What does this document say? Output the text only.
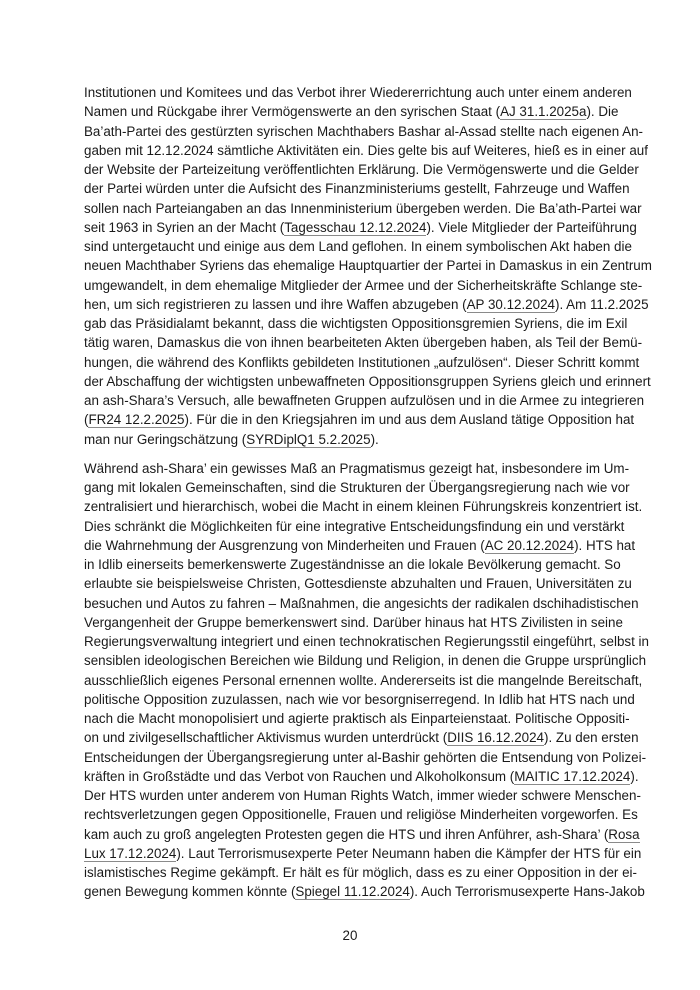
Institutionen und Komitees und das Verbot ihrer Wiedererrichtung auch unter einem anderen
Namen und Rückgabe ihrer Vermögenswerte an den syrischen Staat (AJ 31.1.2025a). Die
Ba’ath-Partei des gestürzten syrischen Machthabers Bashar al-Assad stellte nach eigenen An-
gaben mit 12.12.2024 sämtliche Aktivitäten ein. Dies gelte bis auf Weiteres, hieß es in einer auf
der Website der Parteizeitung veröffentlichten Erklärung. Die Vermögenswerte und die Gelder
der Partei würden unter die Aufsicht des Finanzministeriums gestellt, Fahrzeuge und Waffen
sollen nach Parteiangaben an das Innenministerium übergeben werden. Die Ba’ath-Partei war
seit 1963 in Syrien an der Macht (Tagesschau 12.12.2024). Viele Mitglieder der Parteiführung
sind untergetaucht und einige aus dem Land geflohen. In einem symbolischen Akt haben die
neuen Machthaber Syriens das ehemalige Hauptquartier der Partei in Damaskus in ein Zentrum
umgewandelt, in dem ehemalige Mitglieder der Armee und der Sicherheitskräfte Schlange ste-
hen, um sich registrieren zu lassen und ihre Waffen abzugeben (AP 30.12.2024). Am 11.2.2025
gab das Präsidialamt bekannt, dass die wichtigsten Oppositionsgremien Syriens, die im Exil
tätig waren, Damaskus die von ihnen bearbeiteten Akten übergeben haben, als Teil der Bemü-
hungen, die während des Konflikts gebildeten Institutionen „aufzulösen“. Dieser Schritt kommt
der Abschaffung der wichtigsten unbewaffneten Oppositionsgruppen Syriens gleich und erinnert
an ash-Shara’s Versuch, alle bewaffneten Gruppen aufzulösen und in die Armee zu integrieren
(FR24 12.2.2025). Für die in den Kriegsjahren im und aus dem Ausland tätige Opposition hat
man nur Geringschätzung (SYRDiplQ1 5.2.2025).
Während ash-Shara’ ein gewisses Maß an Pragmatismus gezeigt hat, insbesondere im Um-
gang mit lokalen Gemeinschaften, sind die Strukturen der Übergangsregierung nach wie vor
zentralisiert und hierarchisch, wobei die Macht in einem kleinen Führungskreis konzentriert ist.
Dies schränkt die Möglichkeiten für eine integrative Entscheidungsfindung ein und verstärkt
die Wahrnehmung der Ausgrenzung von Minderheiten und Frauen (AC 20.12.2024). HTS hat
in Idlib einerseits bemerkenswerte Zugeständnisse an die lokale Bevölkerung gemacht. So
erlaubte sie beispielsweise Christen, Gottesdienste abzuhalten und Frauen, Universitäten zu
besuchen und Autos zu fahren – Maßnahmen, die angesichts der radikalen dschihadistischen
Vergangenheit der Gruppe bemerkenswert sind. Darüber hinaus hat HTS Zivilisten in seine
Regierungsverwaltung integriert und einen technokratischen Regierungsstil eingeführt, selbst in
sensiblen ideologischen Bereichen wie Bildung und Religion, in denen die Gruppe ursprünglich
ausschließlich eigenes Personal ernennen wollte. Andererseits ist die mangelnde Bereitschaft,
politische Opposition zuzulassen, nach wie vor besorgniserregend. In Idlib hat HTS nach und
nach die Macht monopolisiert und agierte praktisch als Einparteienstaat. Politische Oppositi-
on und zivilgesellschaftlicher Aktivismus wurden unterdrückt (DIIS 16.12.2024). Zu den ersten
Entscheidungen der Übergangsregierung unter al-Bashir gehörten die Entsendung von Polizei-
kräften in Großstädte und das Verbot von Rauchen und Alkoholkonsum (MAITIC 17.12.2024).
Der HTS wurden unter anderem von Human Rights Watch, immer wieder schwere Menschen-
rechtsverletzungen gegen Oppositionelle, Frauen und religiöse Minderheiten vorgeworfen. Es
kam auch zu groß angelegten Protesten gegen die HTS und ihren Anführer, ash-Shara’ (Rosa
Lux 17.12.2024). Laut Terrorismusexperte Peter Neumann haben die Kämpfer der HTS für ein
islamistisches Regime gekämpft. Er hält es für möglich, dass es zu einer Opposition in der ei-
genen Bewegung kommen könnte (Spiegel 11.12.2024). Auch Terrorismusexperte Hans-Jakob
20
